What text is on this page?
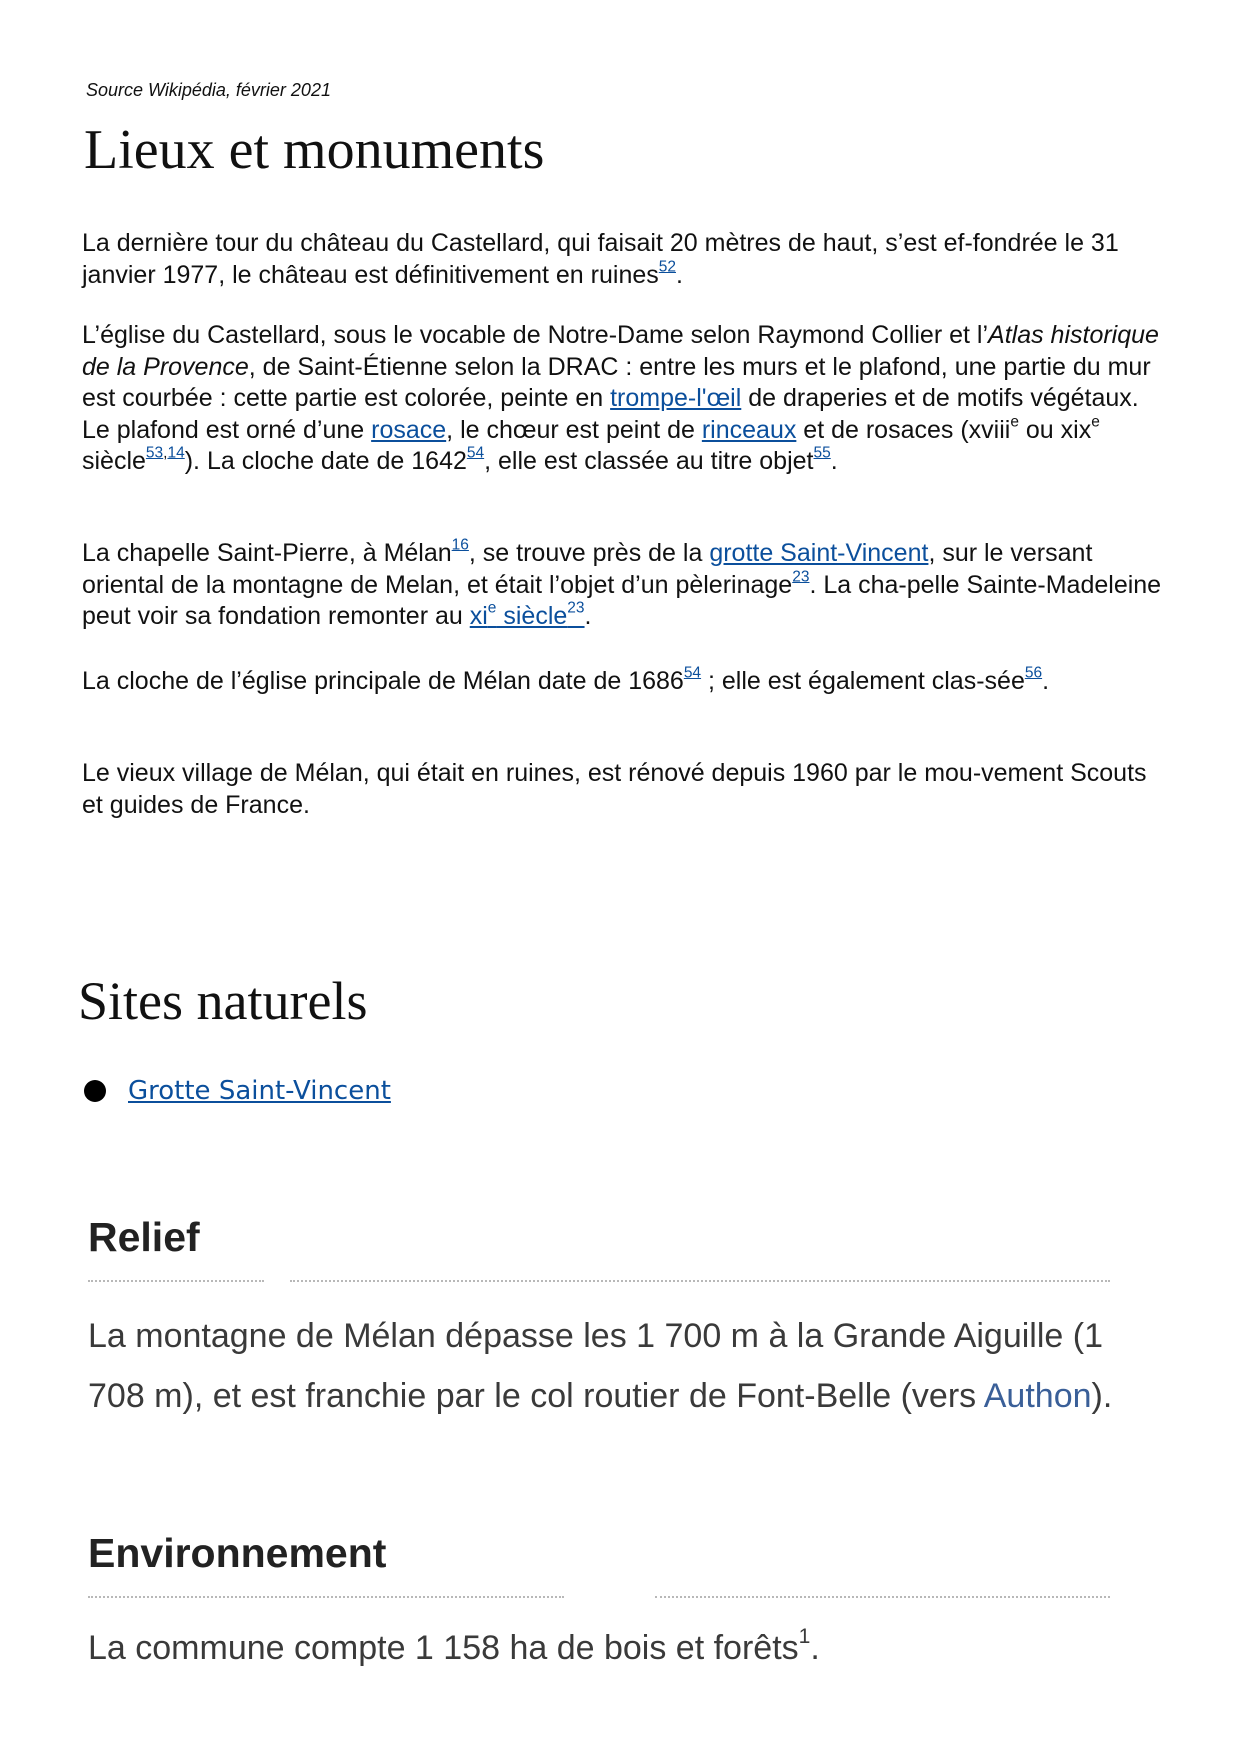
Source Wikipédia, février 2021
Lieux et monuments

La dernière tour du château du Castellard, qui faisait 20 mètres de haut, s’est ef-fondrée le 31 janvier 1977, le château est définitivement en ruines$^{52}$.

L’église du Castellard, sous le vocable de Notre-Dame selon Raymond Collier et l’Atlas historique de la Provence, de Saint-Étienne selon la DRAC : entre les murs et le plafond, une partie du mur est courbée : cette partie est colorée, peinte en trompe-l'œil de draperies et de motifs végétaux. Le plafond est orné d’une rosace, le chœur est peint de rinceaux et de rosaces (xviii$^e$ ou xix$^e$ siècle$^{53,14}$). La cloche date de 1642$^{54}$, elle est classée au titre objet$^{55}$.

La chapelle Saint-Pierre, à Mélan$^{16}$, se trouve près de la grotte Saint-Vincent, sur le versant oriental de la montagne de Melan, et était l’objet d’un pèlerinage$^{23}$. La cha-pelle Sainte-Madeleine peut voir sa fondation remonter au xi$^e$ siècle$^{23}$.

La cloche de l’église principale de Mélan date de 1686$^{54}$ ; elle est également clas-sée$^{56}$.

Le vieux village de Mélan, qui était en ruines, est rénové depuis 1960 par le mou-vement Scouts et guides de France.

Sites naturels
Grotte Saint-Vincent
Relief

La montagne de Mélan dépasse les 1 700 m à la Grande Aiguille (1 708 m), et est franchie par le col routier de Font-Belle (vers Authon).

Environnement

La commune compte 1 158 ha de bois et forêts$^1$.
